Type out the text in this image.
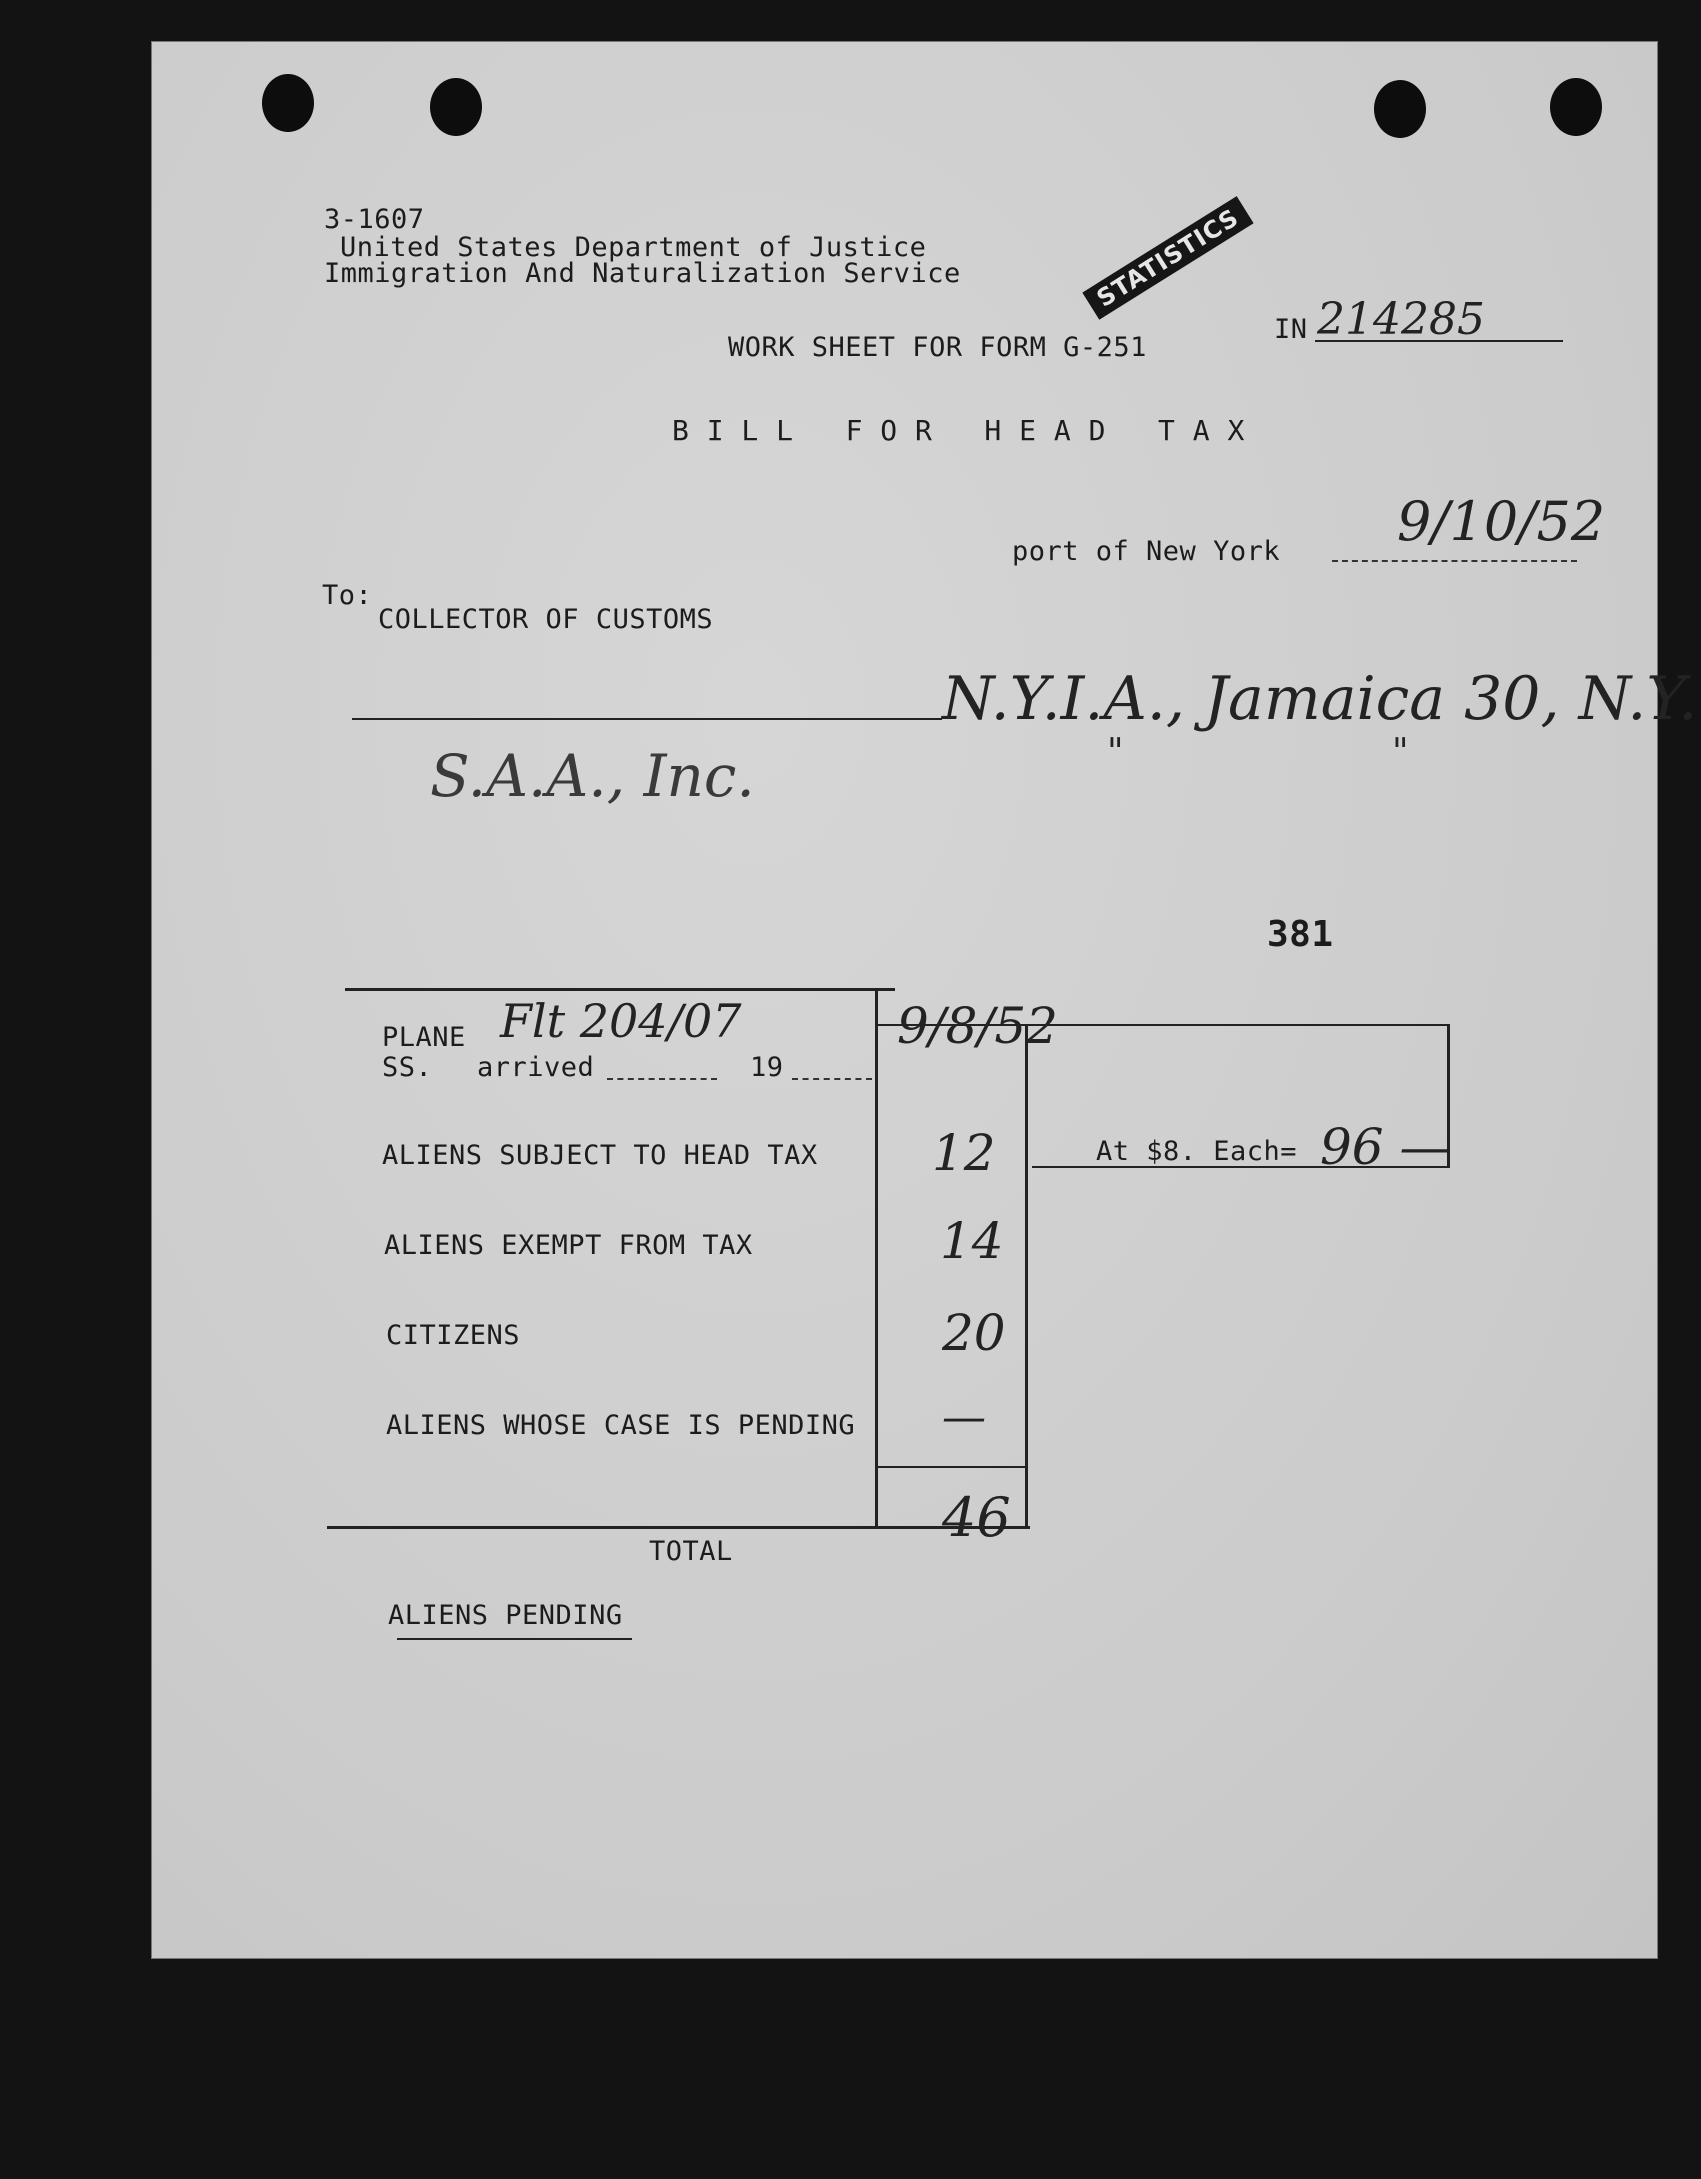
3-1607
United States Department of Justice
Immigration And Naturalization Service	STATISTICS
IN 214285
WORK SHEET FOR FORM G-251
B I L L   F O R   H E A D   T A X
port of New York 9/10/52
To:
COLLECTOR OF CUSTOMS
N.Y.I.A., Jamaica 30, N.Y.
"	"
S.A.A., Inc.
381
PLANE Flt 204/07
SS. arrived	19
9/8/52
ALIENS SUBJECT TO HEAD TAX 12
ALIENS EXEMPT FROM TAX	14
CITIZENS	20
ALIENS WHOSE CASE IS PENDING —
TOTAL
46
At $8. Each= 96 —
ALIENS PENDING
